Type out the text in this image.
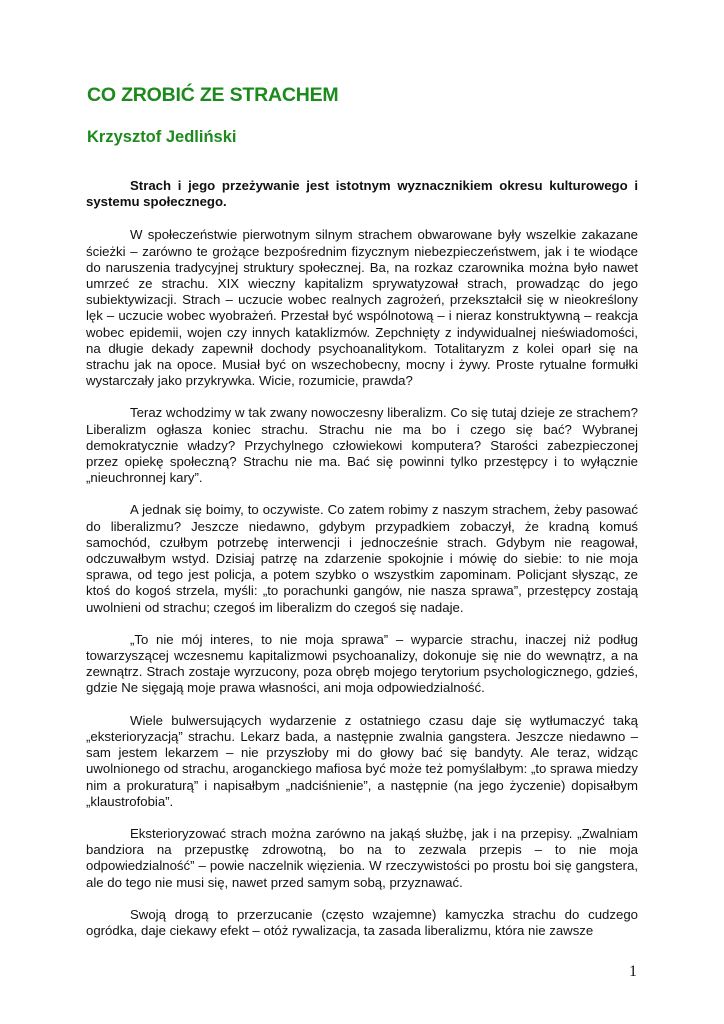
CO ZROBIĆ ZE STRACHEM
Krzysztof Jedliński

Strach i jego przeżywanie jest istotnym wyznacznikiem okresu kulturowego i systemu społecznego.

W społeczeństwie pierwotnym silnym strachem obwarowane były wszelkie zakazane ścieżki – zarówno te grożące bezpośrednim fizycznym niebezpieczeństwem, jak i te wiodące do naruszenia tradycyjnej struktury społecznej. Ba, na rozkaz czarownika można było nawet umrzeć ze strachu. XIX wieczny kapitalizm sprywatyzował strach, prowadząc do jego subiektywizacji. Strach – uczucie wobec realnych zagrożeń, przekształcił się w nieokreślony lęk – uczucie wobec wyobrażeń. Przestał być wspólnotową – i nieraz konstruktywną – reakcja wobec epidemii, wojen czy innych kataklizmów. Zepchnięty z indywidualnej nieświadomości, na długie dekady zapewnił dochody psychoanalitykom. Totalitaryzm z kolei oparł się na strachu jak na opoce. Musiał być on wszechobecny, mocny i żywy. Proste rytualne formułki wystarczały jako przykrywka. Wicie, rozumicie, prawda?

Teraz wchodzimy w tak zwany nowoczesny liberalizm. Co się tutaj dzieje ze strachem? Liberalizm ogłasza koniec strachu. Strachu nie ma bo i czego się bać? Wybranej demokratycznie władzy? Przychylnego człowiekowi komputera? Starości zabezpieczonej przez opiekę społeczną? Strachu nie ma. Bać się powinni tylko przestępcy i to wyłącznie „nieuchronnej kary”.

A jednak się boimy, to oczywiste. Co zatem robimy z naszym strachem, żeby pasować do liberalizmu? Jeszcze niedawno, gdybym przypadkiem zobaczył, że kradną komuś samochód, czułbym potrzebę interwencji i jednocześnie strach. Gdybym nie reagował, odczuwałbym wstyd. Dzisiaj patrzę na zdarzenie spokojnie i mówię do siebie: to nie moja sprawa, od tego jest policja, a potem szybko o wszystkim zapominam. Policjant słysząc, ze ktoś do kogoś strzela, myśli: „to porachunki gangów, nie nasza sprawa”, przestępcy zostają uwolnieni od strachu; czegoś im liberalizm do czegoś się nadaje.

„To nie mój interes, to nie moja sprawa” – wyparcie strachu, inaczej niż podług towarzyszącej wczesnemu kapitalizmowi psychoanalizy, dokonuje się nie do wewnątrz, a na zewnątrz. Strach zostaje wyrzucony, poza obręb mojego terytorium psychologicznego, gdzieś, gdzie Ne sięgają moje prawa własności, ani moja odpowiedzialność.

Wiele bulwersujących wydarzenie z ostatniego czasu daje się wytłumaczyć taką „eksterioryzacją” strachu. Lekarz bada, a następnie zwalnia gangstera. Jeszcze niedawno – sam jestem lekarzem – nie przyszłoby mi do głowy bać się bandyty. Ale teraz, widząc uwolnionego od strachu, aroganckiego mafiosa być może też pomyślałbym: „to sprawa miedzy nim a prokuraturą” i napisałbym „nadciśnienie”, a następnie (na jego życzenie) dopisałbym „klaustrofobia”.

Eksterioryzować strach można zarówno na jakąś służbę, jak i na przepisy. „Zwalniam bandziora na przepustkę zdrowotną, bo na to zezwala przepis – to nie moja odpowiedzialność” – powie naczelnik więzienia. W rzeczywistości po prostu boi się gangstera, ale do tego nie musi się, nawet przed samym sobą, przyznawać.

Swoją drogą to przerzucanie (często wzajemne) kamyczka strachu do cudzego ogródka, daje ciekawy efekt – otóż rywalizacja, ta zasada liberalizmu, która nie zawsze

1
